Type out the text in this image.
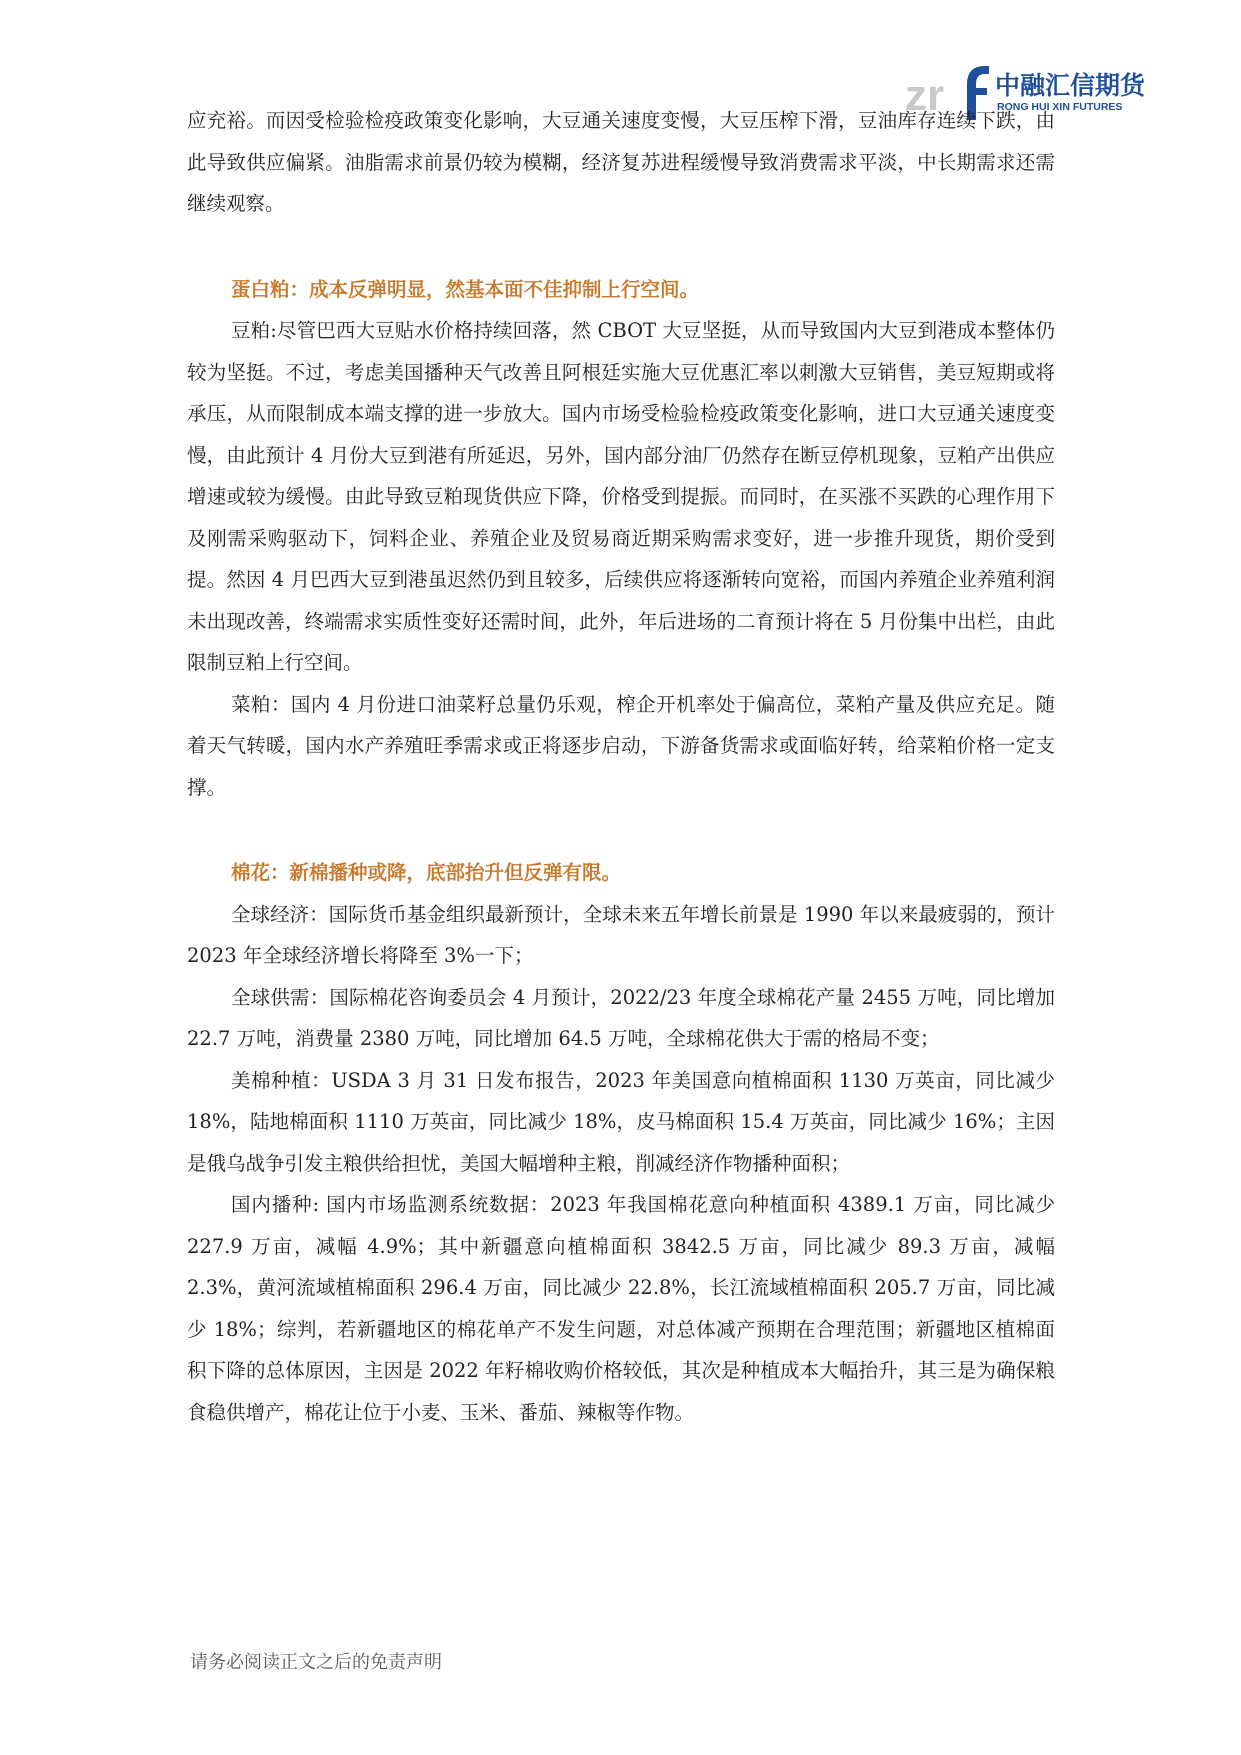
zr 中融汇信期货
RONG HUI XIN FUTURES

应充裕。而因受检验检疫政策变化影响，大豆通关速度变慢，大豆压榨下滑，豆油库存连续下跌，由此导致供应偏紧。油脂需求前景仍较为模糊，经济复苏进程缓慢导致消费需求平淡，中长期需求还需继续观察。

蛋白粕：成本反弹明显，然基本面不佳抑制上行空间。

豆粕:尽管巴西大豆贴水价格持续回落，然 CBOT 大豆坚挺，从而导致国内大豆到港成本整体仍较为坚挺。不过，考虑美国播种天气改善且阿根廷实施大豆优惠汇率以刺激大豆销售，美豆短期或将承压，从而限制成本端支撑的进一步放大。国内市场受检验检疫政策变化影响，进口大豆通关速度变慢，由此预计 4 月份大豆到港有所延迟，另外，国内部分油厂仍然存在断豆停机现象，豆粕产出供应增速或较为缓慢。由此导致豆粕现货供应下降，价格受到提振。而同时，在买涨不买跌的心理作用下及刚需采购驱动下，饲料企业、养殖企业及贸易商近期采购需求变好，进一步推升现货，期价受到提。然因 4 月巴西大豆到港虽迟然仍到且较多，后续供应将逐渐转向宽裕，而国内养殖企业养殖利润未出现改善，终端需求实质性变好还需时间，此外，年后进场的二育预计将在 5 月份集中出栏，由此限制豆粕上行空间。

菜粕：国内 4 月份进口油菜籽总量仍乐观，榨企开机率处于偏高位，菜粕产量及供应充足。随着天气转暖，国内水产养殖旺季需求或正将逐步启动，下游备货需求或面临好转，给菜粕价格一定支撑。

棉花：新棉播种或降，底部抬升但反弹有限。

全球经济：国际货币基金组织最新预计，全球未来五年增长前景是 1990 年以来最疲弱的，预计 2023 年全球经济增长将降至 3%一下；

全球供需：国际棉花咨询委员会 4 月预计，2022/23 年度全球棉花产量 2455 万吨，同比增加 22.7 万吨，消费量 2380 万吨，同比增加 64.5 万吨，全球棉花供大于需的格局不变；

美棉种植：USDA 3 月 31 日发布报告，2023 年美国意向植棉面积 1130 万英亩，同比减少 18%，陆地棉面积 1110 万英亩，同比减少 18%，皮马棉面积 15.4 万英亩，同比减少 16%；主因是俄乌战争引发主粮供给担忧，美国大幅增种主粮，削减经济作物播种面积；

国内播种: 国内市场监测系统数据：2023 年我国棉花意向种植面积 4389.1 万亩，同比减少 227.9 万亩，减幅 4.9%；其中新疆意向植棉面积 3842.5 万亩，同比减少 89.3 万亩，减幅 2.3%，黄河流域植棉面积 296.4 万亩，同比减少 22.8%，长江流域植棉面积 205.7 万亩，同比减少 18%；综判，若新疆地区的棉花单产不发生问题，对总体减产预期在合理范围；新疆地区植棉面积下降的总体原因，主因是 2022 年籽棉收购价格较低，其次是种植成本大幅抬升，其三是为确保粮食稳供增产，棉花让位于小麦、玉米、番茄、辣椒等作物。

请务必阅读正文之后的免责声明
